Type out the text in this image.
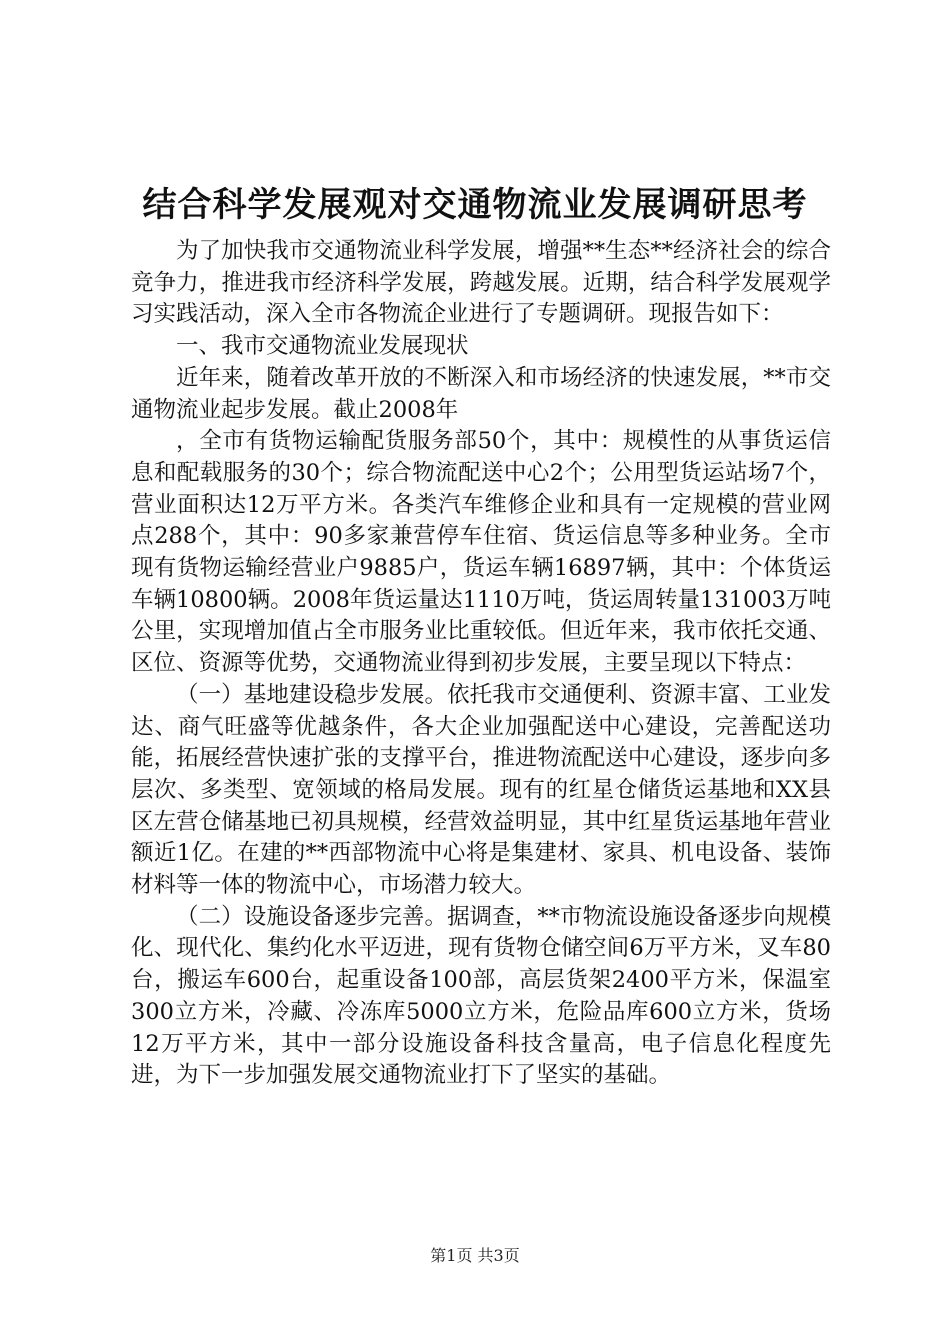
结合科学发展观对交通物流业发展调研思考

为了加快我市交通物流业科学发展，增强**生态**经济社会的综合竞争力，推进我市经济科学发展，跨越发展。近期，结合科学发展观学习实践活动，深入全市各物流企业进行了专题调研。现报告如下：

一、我市交通物流业发展现状

近年来，随着改革开放的不断深入和市场经济的快速发展，**市交通物流业起步发展。截止2008年

，全市有货物运输配货服务部50个，其中：规模性的从事货运信息和配载服务的30个；综合物流配送中心2个；公用型货运站场7个，营业面积达12万平方米。各类汽车维修企业和具有一定规模的营业网点288个，其中：90多家兼营停车住宿、货运信息等多种业务。全市现有货物运输经营业户9885户，货运车辆16897辆，其中：个体货运车辆10800辆。2008年货运量达1110万吨，货运周转量131003万吨公里，实现增加值占全市服务业比重较低。但近年来，我市依托交通、区位、资源等优势，交通物流业得到初步发展，主要呈现以下特点：

（一）基地建设稳步发展。依托我市交通便利、资源丰富、工业发达、商气旺盛等优越条件，各大企业加强配送中心建设，完善配送功能，拓展经营快速扩张的支撑平台，推进物流配送中心建设，逐步向多层次、多类型、宽领域的格局发展。现有的红星仓储货运基地和XX县区左营仓储基地已初具规模，经营效益明显，其中红星货运基地年营业额近1亿。在建的**西部物流中心将是集建材、家具、机电设备、装饰材料等一体的物流中心，市场潜力较大。

（二）设施设备逐步完善。据调查，**市物流设施设备逐步向规模化、现代化、集约化水平迈进，现有货物仓储空间6万平方米，叉车80台，搬运车600台，起重设备100部，高层货架2400平方米，保温室300立方米，冷藏、冷冻库5000立方米，危险品库600立方米，货场12万平方米，其中一部分设施设备科技含量高，电子信息化程度先进，为下一步加强发展交通物流业打下了坚实的基础。

第1页 共3页
